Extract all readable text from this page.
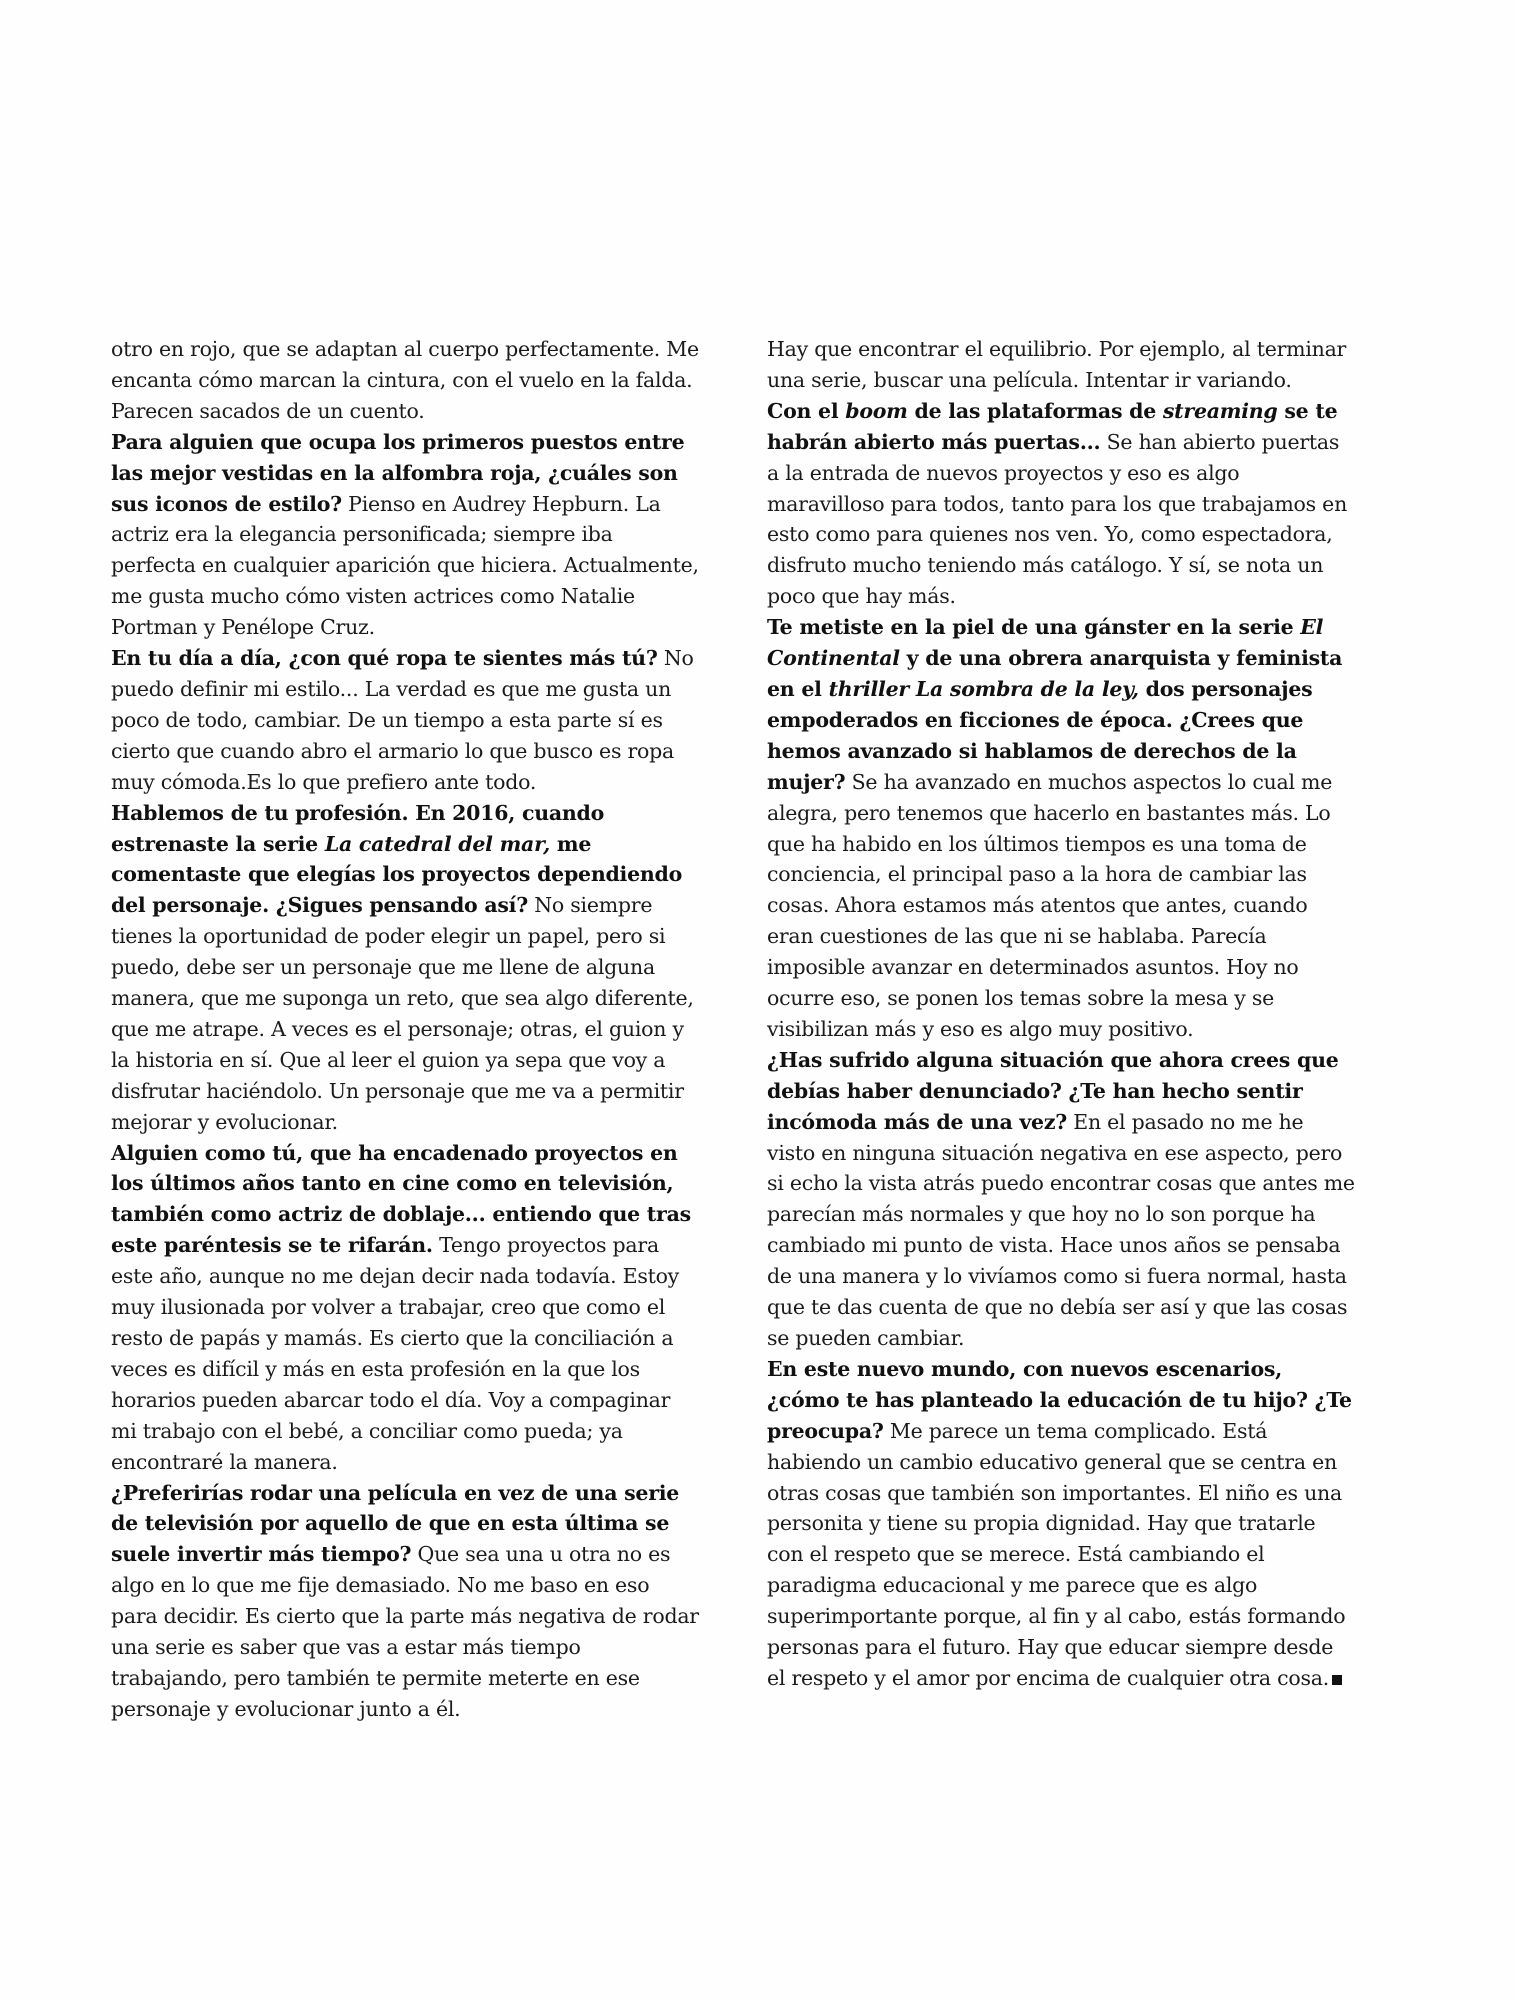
otro en rojo, que se adaptan al cuerpo perfectamente. Me encanta cómo marcan la cintura, con el vuelo en la falda. Parecen sacados de un cuento.

Para alguien que ocupa los primeros puestos entre las mejor vestidas en la alfombra roja, ¿cuáles son sus iconos de estilo? Pienso en Audrey Hepburn. La actriz era la elegancia personificada; siempre iba perfecta en cualquier aparición que hiciera. Actualmente, me gusta mucho cómo visten actrices como Natalie Portman y Penélope Cruz.

En tu día a día, ¿con qué ropa te sientes más tú? No puedo definir mi estilo... La verdad es que me gusta un poco de todo, cambiar. De un tiempo a esta parte sí es cierto que cuando abro el armario lo que busco es ropa muy cómoda.Es lo que prefiero ante todo.

Hablemos de tu profesión. En 2016, cuando estrenaste la serie La catedral del mar, me comentaste que elegías los proyectos dependiendo del personaje. ¿Sigues pensando así? No siempre tienes la oportunidad de poder elegir un papel, pero si puedo, debe ser un personaje que me llene de alguna manera, que me suponga un reto, que sea algo diferente, que me atrape. A veces es el personaje; otras, el guion y la historia en sí. Que al leer el guion ya sepa que voy a disfrutar haciéndolo. Un personaje que me va a permitir mejorar y evolucionar.

Alguien como tú, que ha encadenado proyectos en los últimos años tanto en cine como en televisión, también como actriz de doblaje... entiendo que tras este paréntesis se te rifarán. Tengo proyectos para este año, aunque no me dejan decir nada todavía. Estoy muy ilusionada por volver a trabajar, creo que como el resto de papás y mamás. Es cierto que la conciliación a veces es difícil y más en esta profesión en la que los horarios pueden abarcar todo el día. Voy a compaginar mi trabajo con el bebé, a conciliar como pueda; ya encontraré la manera.

¿Preferirías rodar una película en vez de una serie de televisión por aquello de que en esta última se suele invertir más tiempo? Que sea una u otra no es algo en lo que me fije demasiado. No me baso en eso para decidir. Es cierto que la parte más negativa de rodar una serie es saber que vas a estar más tiempo trabajando, pero también te permite meterte en ese personaje y evolucionar junto a él.

Hay que encontrar el equilibrio. Por ejemplo, al terminar una serie, buscar una película. Intentar ir variando.

Con el boom de las plataformas de streaming se te habrán abierto más puertas... Se han abierto puertas a la entrada de nuevos proyectos y eso es algo maravilloso para todos, tanto para los que trabajamos en esto como para quienes nos ven. Yo, como espectadora, disfruto mucho teniendo más catálogo. Y sí, se nota un poco que hay más.

Te metiste en la piel de una gánster en la serie El Continental y de una obrera anarquista y feminista en el thriller La sombra de la ley, dos personajes empoderados en ficciones de época. ¿Crees que hemos avanzado si hablamos de derechos de la mujer? Se ha avanzado en muchos aspectos lo cual me alegra, pero tenemos que hacerlo en bastantes más. Lo que ha habido en los últimos tiempos es una toma de conciencia, el principal paso a la hora de cambiar las cosas. Ahora estamos más atentos que antes, cuando eran cuestiones de las que ni se hablaba. Parecía imposible avanzar en determinados asuntos. Hoy no ocurre eso, se ponen los temas sobre la mesa y se visibilizan más y eso es algo muy positivo.

¿Has sufrido alguna situación que ahora crees que debías haber denunciado? ¿Te han hecho sentir incómoda más de una vez? En el pasado no me he visto en ninguna situación negativa en ese aspecto, pero si echo la vista atrás puedo encontrar cosas que antes me parecían más normales y que hoy no lo son porque ha cambiado mi punto de vista. Hace unos años se pensaba de una manera y lo vivíamos como si fuera normal, hasta que te das cuenta de que no debía ser así y que las cosas se pueden cambiar.

En este nuevo mundo, con nuevos escenarios, ¿cómo te has planteado la educación de tu hijo? ¿Te preocupa? Me parece un tema complicado. Está habiendo un cambio educativo general que se centra en otras cosas que también son importantes. El niño es una personita y tiene su propia dignidad. Hay que tratarle con el respeto que se merece. Está cambiando el paradigma educacional y me parece que es algo superimportante porque, al fin y al cabo, estás formando personas para el futuro. Hay que educar siempre desde el respeto y el amor por encima de cualquier otra cosa.
